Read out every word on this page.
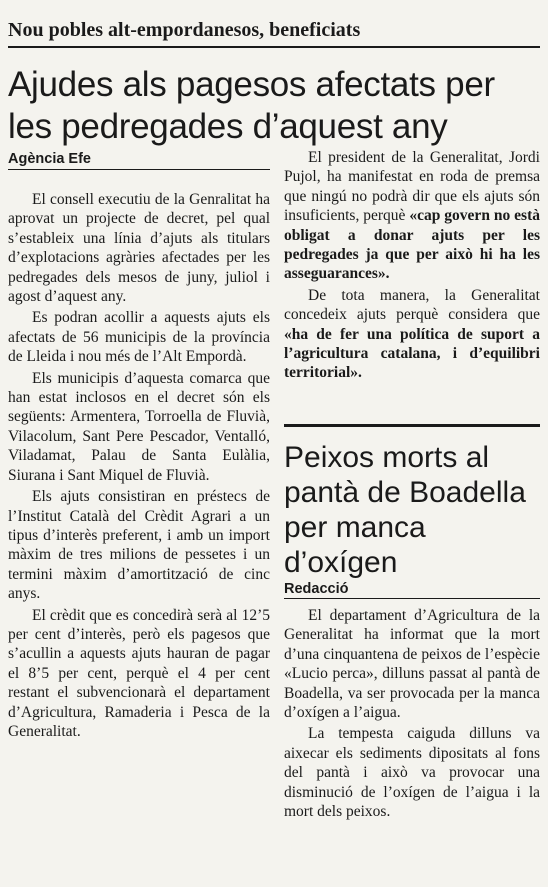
Nou pobles alt-empordanesos, beneficiats
Ajudes als pagesos afectats per
les pedregades d’aquest any
Agència Efe

El consell executiu de la Genralitat ha aprovat un projecte de decret, pel qual s’estableix una línia d’ajuts als titulars d’explotacions agràries afectades per les pedregades dels mesos de juny, juliol i agost d’aquest any.

Es podran acollir a aquests ajuts els afectats de 56 municipis de la província de Lleida i nou més de l’Alt Empordà.

Els municipis d’aquesta comarca que han estat inclosos en el decret són els següents: Armentera, Torroella de Fluvià, Vilacolum, Sant Pere Pescador, Ventalló, Viladamat, Palau de Santa Eulàlia, Siurana i Sant Miquel de Fluvià.

Els ajuts consistiran en préstecs de l’Institut Català del Crèdit Agrari a un tipus d’interès preferent, i amb un import màxim de tres milions de pessetes i un termini màxim d’amortització de cinc anys.

El crèdit que es concedirà serà al 12’5 per cent d’interès, però els pagesos que s’acullin a aquests ajuts hauran de pagar el 8’5 per cent, perquè el 4 per cent restant el subvencionarà el departament d’Agricultura, Ramaderia i Pesca de la Generalitat.

El president de la Generalitat, Jordi Pujol, ha manifestat en roda de premsa que ningú no podrà dir que els ajuts són insuficients, perquè «cap govern no està obligat a donar ajuts per les pedregades ja que per això hi ha les asseguarances».

De tota manera, la Generalitat concedeix ajuts perquè considera que «ha de fer una política de suport a l’agricultura catalana, i d’equilibri territorial».

Peixos morts al
pantà de Boadella
per manca
d’oxígen
Redacció

El departament d’Agricultura de la Generalitat ha informat que la mort d’una cinquantena de peixos de l’espècie «Lucio perca», dilluns passat al pantà de Boadella, va ser provocada per la manca d’oxígen a l’aigua.

La tempesta caiguda dilluns va aixecar els sediments dipositats al fons del pantà i això va provocar una disminució de l’oxígen de l’aigua i la mort dels peixos.
